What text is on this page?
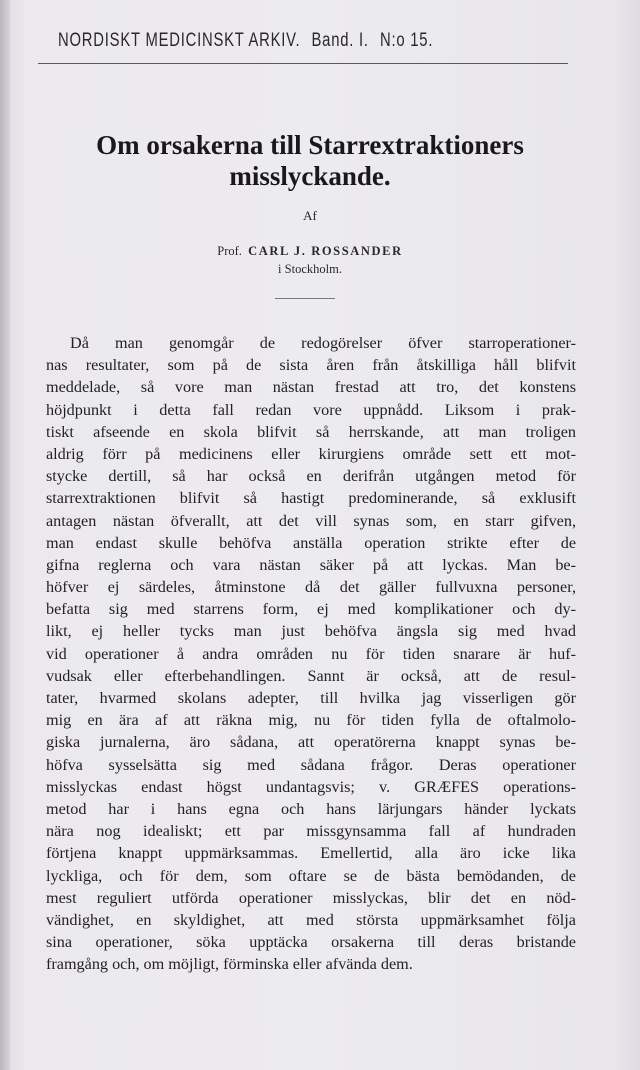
NORDISKT MEDICINSKT ARKIV. Band. I. N:o 15.
Om orsakerna till Starrextraktioners
misslyckande.
Af
Prof. CARL J. ROSSANDER
i Stockholm.
Då man genomgår de redogörelser öfver starroperationer-
nas resultater, som på de sista åren från åtskilliga håll blifvit
meddelade, så vore man nästan frestad att tro, det konstens
höjdpunkt i detta fall redan vore uppnådd. Liksom i prak-
tiskt afseende en skola blifvit så herrskande, att man troligen
aldrig förr på medicinens eller kirurgiens område sett ett mot-
stycke dertill, så har också en derifrån utgången metod för
starrextraktionen blifvit så hastigt predominerande, så exklusift
antagen nästan öfverallt, att det vill synas som, en starr gifven,
man endast skulle behöfva anställa operation strikte efter de
gifna reglerna och vara nästan säker på att lyckas. Man be-
höfver ej särdeles, åtminstone då det gäller fullvuxna personer,
befatta sig med starrens form, ej med komplikationer och dy-
likt, ej heller tycks man just behöfva ängsla sig med hvad
vid operationer å andra områden nu för tiden snarare är huf-
vudsak eller efterbehandlingen. Sannt är också, att de resul-
tater, hvarmed skolans adepter, till hvilka jag visserligen gör
mig en ära af att räkna mig, nu för tiden fylla de oftalmolo-
giska jurnalerna, äro sådana, att operatörerna knappt synas be-
höfva sysselsätta sig med sådana frågor. Deras operationer
misslyckas endast högst undantagsvis; v. GRÆFES operations-
metod har i hans egna och hans lärjungars händer lyckats
nära nog idealiskt; ett par missgynsamma fall af hundraden
förtjena knappt uppmärksammas. Emellertid, alla äro icke lika
lyckliga, och för dem, som oftare se de bästa bemödanden, de
mest reguliert utförda operationer misslyckas, blir det en nöd-
vändighet, en skyldighet, att med största uppmärksamhet följa
sina operationer, söka upptäcka orsakerna till deras bristande
framgång och, om möjligt, förminska eller afvända dem.
